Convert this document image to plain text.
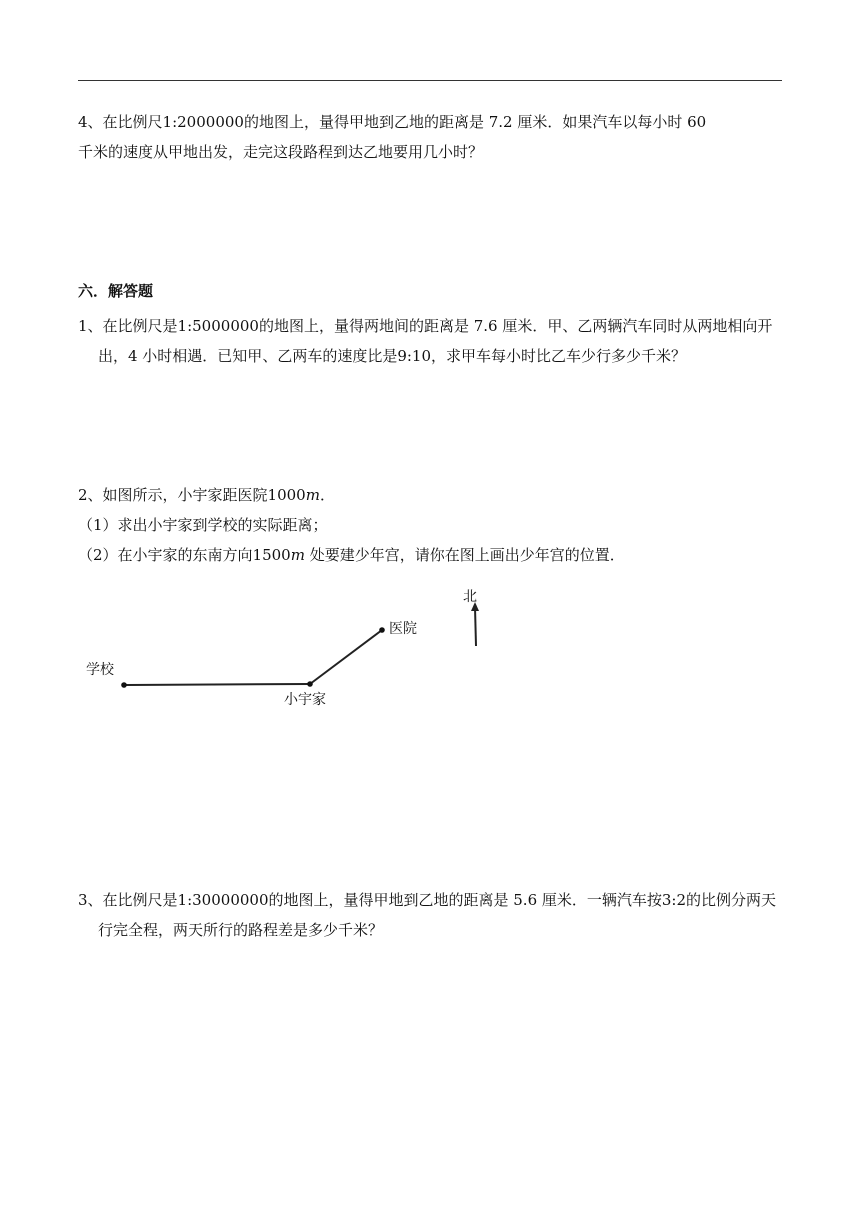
4、在比例尺1:2000000的地图上，量得甲地到乙地的距离是 7.2 厘米．如果汽车以每小时 60
千米的速度从甲地出发，走完这段路程到达乙地要用几小时？

六．解答题

1、在比例尺是1:5000000的地图上，量得两地间的距离是 7.6 厘米．甲、乙两辆汽车同时从两地相向开出，4 小时相遇．已知甲、乙两车的速度比是9:10，求甲车每小时比乙车少行多少千米？

2、如图所示，小宇家距医院1000m．
（1）求出小宇家到学校的实际距离；
（2）在小宇家的东南方向1500m 处要建少年宫，请你在图上画出少年宫的位置．

学校
小宇家
医院
北

3、在比例尺是1:30000000的地图上，量得甲地到乙地的距离是 5.6 厘米．一辆汽车按3:2的比例分两天行完全程，两天所行的路程差是多少千米？
